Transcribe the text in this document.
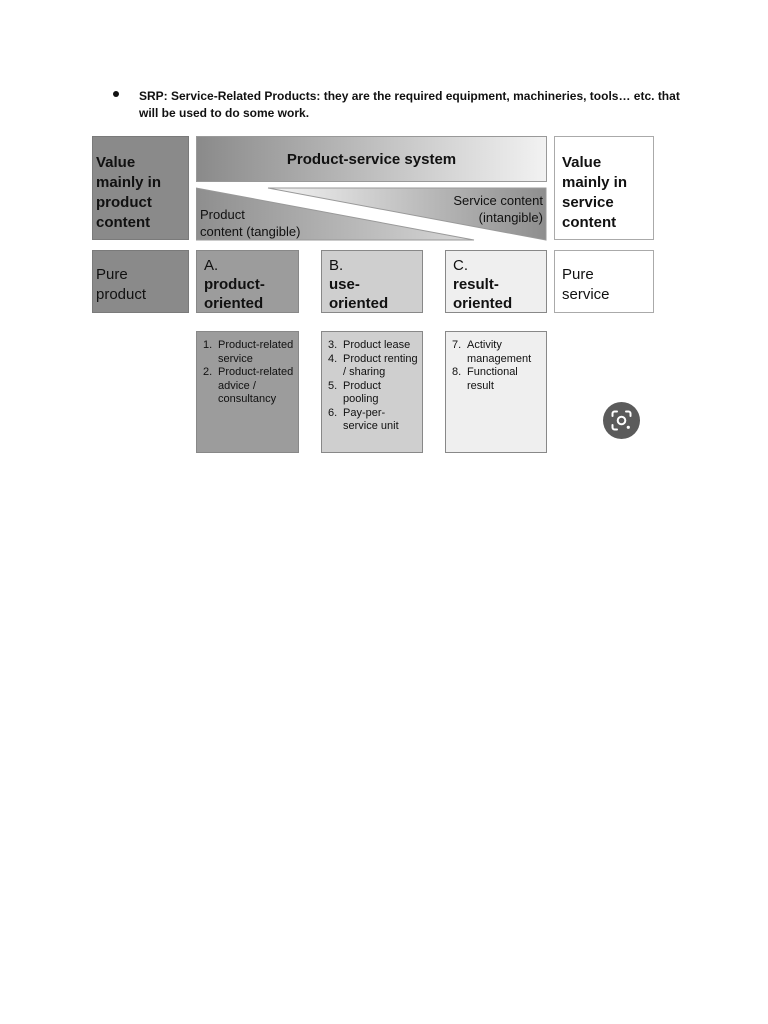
SRP: Service-Related Products: they are the required equipment, machineries, tools… etc. that
will be used to do some work.
Value
mainly in
product
content
Product-service system
Product
content (tangible)
Service content
(intangible)
Value
mainly in
service
content
Pure
product
A.
product-
oriented
B.
use-
oriented
C.
result-
oriented
Pure
service
1. Product-related service
2. Product-related advice / consultancy
3. Product lease
4. Product renting / sharing
5. Product pooling
6. Pay-per-service unit
7. Activity management
8. Functional result
